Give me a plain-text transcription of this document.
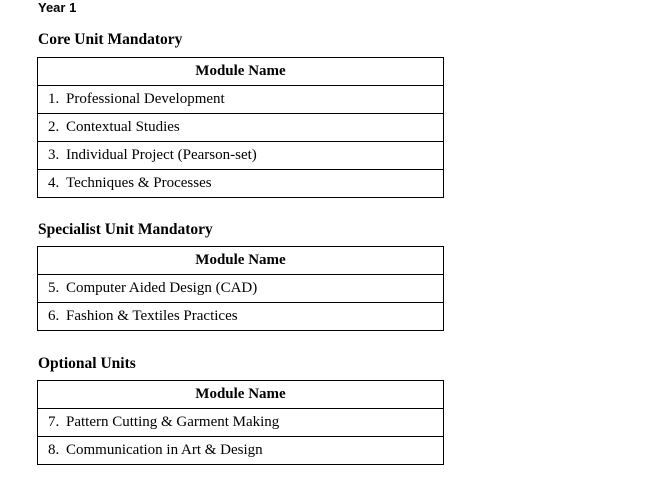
Year 1
Core Unit Mandatory
Module Name
1. Professional Development
2. Contextual Studies
3. Individual Project (Pearson-set)
4. Techniques & Processes
Specialist Unit Mandatory
Module Name
5. Computer Aided Design (CAD)
6. Fashion & Textiles Practices
Optional Units
Module Name
7. Pattern Cutting & Garment Making
8. Communication in Art & Design
